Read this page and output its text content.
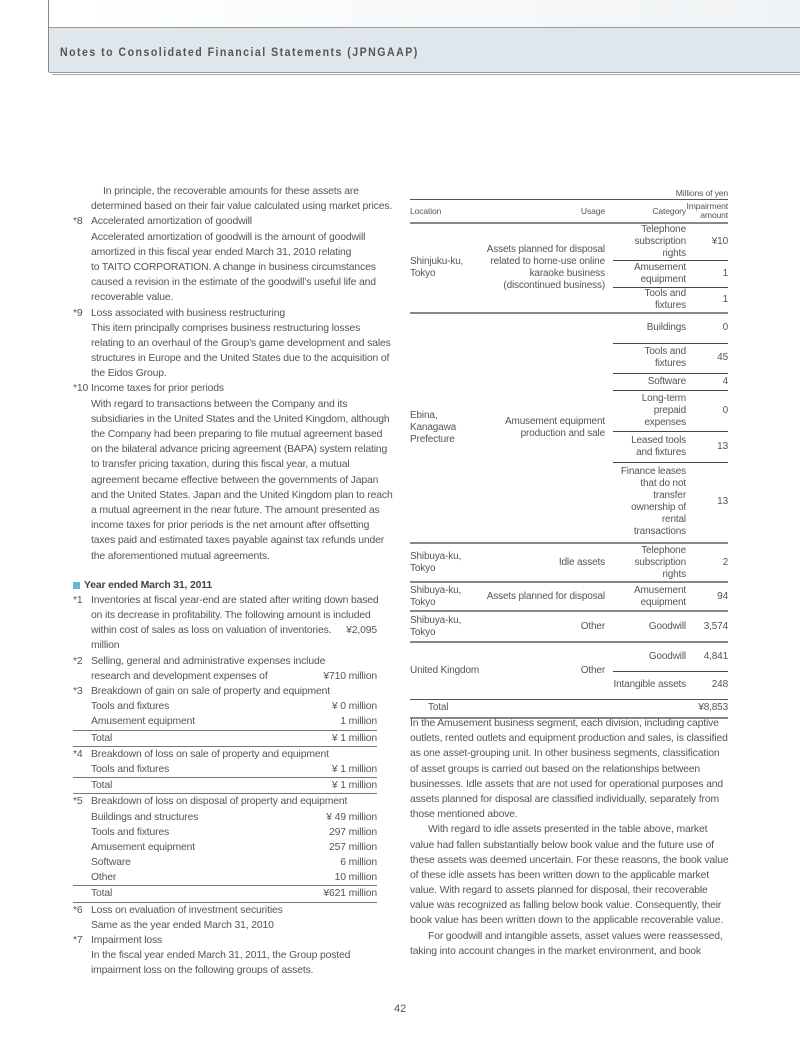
Notes to Consolidated Financial Statements (JPNGAAP)
In principle, the recoverable amounts for these assets are
determined based on their fair value calculated using market prices.
*8 Accelerated amortization of goodwill
Accelerated amortization of goodwill is the amount of goodwill
amortized in this fiscal year ended March 31, 2010 relating
to TAITO CORPORATION. A change in business circumstances
caused a revision in the estimate of the goodwill’s useful life and
recoverable value.
*9 Loss associated with business restructuring
This item principally comprises business restructuring losses
relating to an overhaul of the Group’s game development and sales
structures in Europe and the United States due to the acquisition of
the Eidos Group.
*10 Income taxes for prior periods
With regard to transactions between the Company and its
subsidiaries in the United States and the United Kingdom, although
the Company had been preparing to file mutual agreement based
on the bilateral advance pricing agreement (BAPA) system relating
to transfer pricing taxation, during this fiscal year, a mutual
agreement became effective between the governments of Japan
and the United States. Japan and the United Kingdom plan to reach
a mutual agreement in the near future. The amount presented as
income taxes for prior periods is the net amount after offsetting
taxes paid and estimated taxes payable against tax refunds under
the aforementioned mutual agreements.
Year ended March 31, 2011
*1 Inventories at fiscal year-end are stated after writing down based
on its decrease in profitability. The following amount is included
within cost of sales as loss on valuation of inventories. ¥2,095
million
*2 Selling, general and administrative expenses include
research and development expenses of	¥710 million
*3 Breakdown of gain on sale of property and equipment
Tools and fixtures	¥ 0 million
Amusement equipment	1 million
Total	¥ 1 million
*4 Breakdown of loss on sale of property and equipment
Tools and fixtures	¥ 1 million
Total	¥ 1 million
*5 Breakdown of loss on disposal of property and equipment
Buildings and structures	¥ 49 million
Tools and fixtures	297 million
Amusement equipment	257 million
Software	6 million
Other	10 million
Total	¥621 million
*6 Loss on evaluation of investment securities
Same as the year ended March 31, 2010
*7 Impairment loss
In the fiscal year ended March 31, 2011, the Group posted
impairment loss on the following groups of assets.
Millions of yen
Location	Usage	Category	Impairment amount
Shinjuku-ku, Tokyo	Assets planned for disposal related to home-use online karaoke business (discontinued business)	Telephone subscription rights	¥10
		Amusement equipment	1
		Tools and fixtures	1
Ebina, Kanagawa Prefecture	Amusement equipment production and sale	Buildings	0
		Tools and fixtures	45
		Software	4
		Long-term prepaid expenses	0
		Leased tools and fixtures	13
		Finance leases that do not transfer ownership of rental transactions	13
Shibuya-ku, Tokyo	Idle assets	Telephone subscription rights	2
Shibuya-ku, Tokyo	Assets planned for disposal	Amusement equipment	94
Shibuya-ku, Tokyo	Other	Goodwill	3,574
United Kingdom	Other	Goodwill	4,841
		Intangible assets	248
Total			¥8,853
In the Amusement business segment, each division, including captive
outlets, rented outlets and equipment production and sales, is classified
as one asset-grouping unit. In other business segments, classification
of asset groups is carried out based on the relationships between
businesses. Idle assets that are not used for operational purposes and
assets planned for disposal are classified individually, separately from
those mentioned above.
With regard to idle assets presented in the table above, market
value had fallen substantially below book value and the future use of
these assets was deemed uncertain. For these reasons, the book value
of these idle assets has been written down to the applicable market
value. With regard to assets planned for disposal, their recoverable
value was recognized as falling below book value. Consequently, their
book value has been written down to the applicable recoverable value.
For goodwill and intangible assets, asset values were reassessed,
taking into account changes in the market environment, and book
42
